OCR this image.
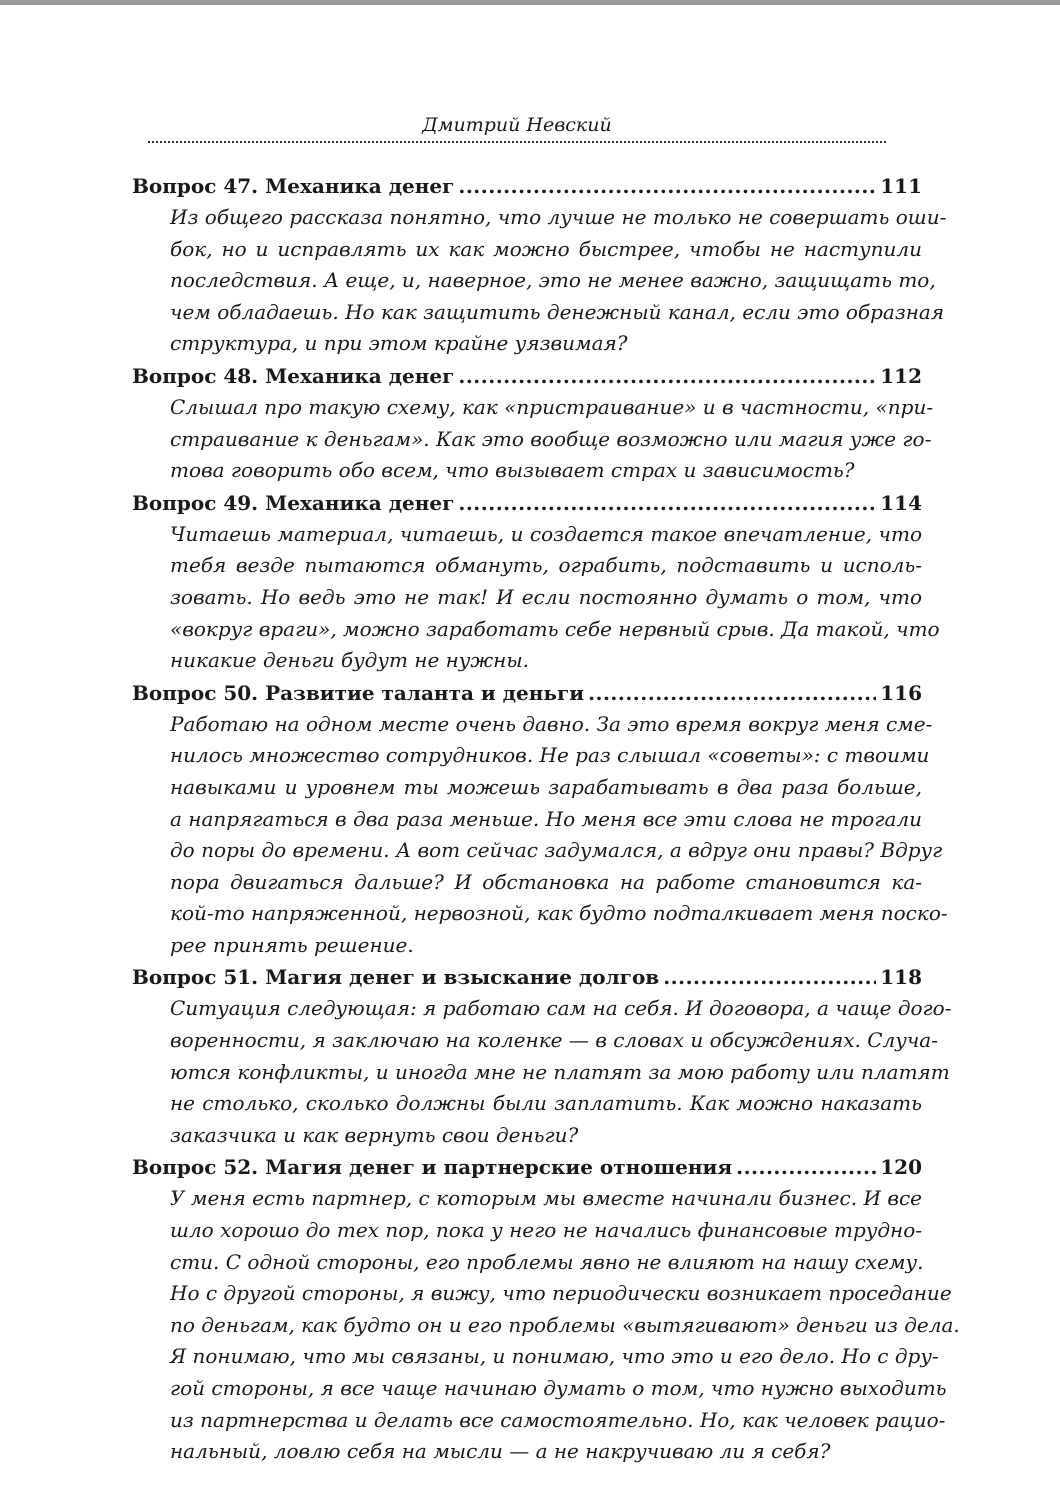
Дмитрий Невский
Вопрос 47. Механика денег .....	111
Из общего рассказа понятно, что лучше не только не совершать оши-
бок, но и исправлять их как можно быстрее, чтобы не наступили
последствия. А еще, и, наверное, это не менее важно, защищать то,
чем обладаешь. Но как защитить денежный канал, если это образная
структура, и при этом крайне уязвимая?
Вопрос 48. Механика денег .....	112
Слышал про такую схему, как «пристраивание» и в частности, «при-
страивание к деньгам». Как это вообще возможно или магия уже го-
това говорить обо всем, что вызывает страх и зависимость?
Вопрос 49. Механика денег .....	114
Читаешь материал, читаешь, и создается такое впечатление, что
тебя везде пытаются обмануть, ограбить, подставить и исполь-
зовать. Но ведь это не так! И если постоянно думать о том, что
«вокруг враги», можно заработать себе нервный срыв. Да такой, что
никакие деньги будут не нужны.
Вопрос 50. Развитие таланта и деньги .....	116
Работаю на одном месте очень давно. За это время вокруг меня сме-
нилось множество сотрудников. Не раз слышал «советы»: с твоими
навыками и уровнем ты можешь зарабатывать в два раза больше,
а напрягаться в два раза меньше. Но меня все эти слова не трогали
до поры до времени. А вот сейчас задумался, а вдруг они правы? Вдруг
пора двигаться дальше? И обстановка на работе становится ка-
кой-то напряженной, нервозной, как будто подталкивает меня поско-
рее принять решение.
Вопрос 51. Магия денег и взыскание долгов .....	118
Ситуация следующая: я работаю сам на себя. И договора, а чаще дого-
воренности, я заключаю на коленке — в словах и обсуждениях. Случа-
ются конфликты, и иногда мне не платят за мою работу или платят
не столько, сколько должны были заплатить. Как можно наказать
заказчика и как вернуть свои деньги?
Вопрос 52. Магия денег и партнерские отношения .....	120
У меня есть партнер, с которым мы вместе начинали бизнес. И все
шло хорошо до тех пор, пока у него не начались финансовые трудно-
сти. С одной стороны, его проблемы явно не влияют на нашу схему.
Но с другой стороны, я вижу, что периодически возникает проседание
по деньгам, как будто он и его проблемы «вытягивают» деньги из дела.
Я понимаю, что мы связаны, и понимаю, что это и его дело. Но с дру-
гой стороны, я все чаще начинаю думать о том, что нужно выходить
из партнерства и делать все самостоятельно. Но, как человек рацио-
нальный, ловлю себя на мысли — а не накручиваю ли я себя?
